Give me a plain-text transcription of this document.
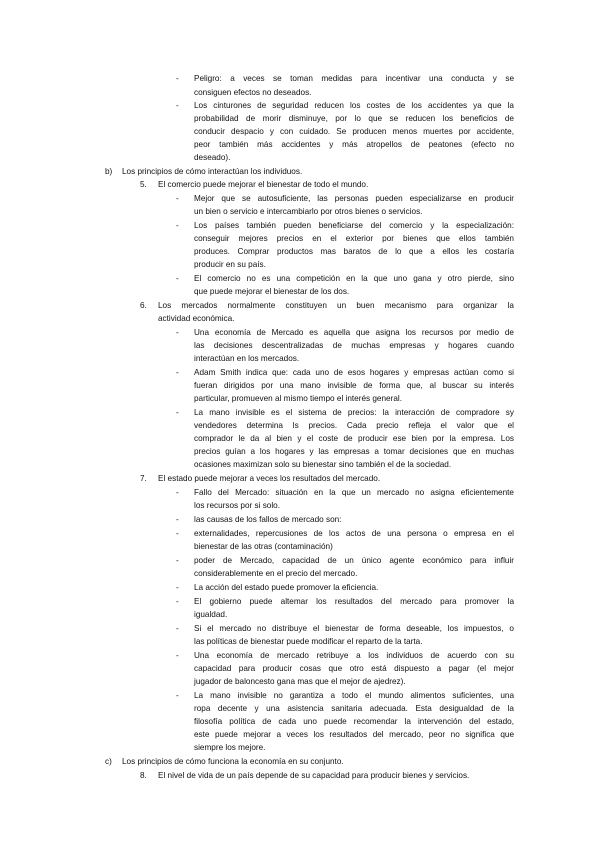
- Peligro: a veces se toman medidas para incentivar una conducta y se
consiguen efectos no deseados.
- Los cinturones de seguridad reducen los costes de los accidentes ya que la
probabilidad de morir disminuye, por lo que se reducen los beneficios de
conducir despacio y con cuidado. Se producen menos muertes por accidente,
peor también más accidentes y más atropellos de peatones (efecto no
deseado).
b) Los principios de cómo interactúan los individuos.
5. El comercio puede mejorar el bienestar de todo el mundo.
- Mejor que se autosuficiente, las personas pueden especializarse en producir
un bien o servicio e intercambiarlo por otros bienes o servicios.
- Los países también pueden beneficiarse del comercio y la especialización:
conseguir mejores precios en el exterior por bienes que ellos también
produces. Comprar productos mas baratos de lo que a ellos les costaría
producir en su país.
- El comercio no es una competición en la que uno gana y otro pierde, sino
que puede mejorar el bienestar de los dos.
6. Los mercados normalmente constituyen un buen mecanismo para organizar la
actividad económica.
- Una economía de Mercado es aquella que asigna los recursos por medio de
las decisiones descentralizadas de muchas empresas y hogares cuando
interactúan en los mercados.
- Adam Smith indica que: cada uno de esos hogares y empresas actúan como si
fueran dirigidos por una mano invisible de forma que, al buscar su interés
particular, promueven al mismo tiempo el interés general.
- La mano invisible es el sistema de precios: la interacción de compradore sy
vendedores determina ls precios. Cada precio refleja el valor que el
comprador le da al bien y el coste de producir ese bien por la empresa. Los
precios guían a los hogares y las empresas a tomar decisiones que en muchas
ocasiones maximizan solo su bienestar sino también el de la sociedad.
7. El estado puede mejorar a veces los resultados del mercado.
- Fallo del Mercado: situación en la que un mercado no asigna eficientemente
los recursos por si solo.
- las causas de los fallos de mercado son:
- externalidades, repercusiones de los actos de una persona o empresa en el
bienestar de las otras (contaminación)
- poder de Mercado, capacidad de un único agente económico para influir
considerablemente en el precio del mercado.
- La acción del estado puede promover la eficiencia.
- El gobierno puede altemar los resultados del mercado para promover la
igualdad.
- Si el mercado no distribuye el bienestar de forma deseable, los impuestos, o
las políticas de bienestar puede modificar el reparto de la tarta.
- Una economía de mercado retribuye a los individuos de acuerdo con su
capacidad para producir cosas que otro está dispuesto a pagar (el mejor
jugador de baloncesto gana mas que el mejor de ajedrez).
- La mano invisible no garantiza a todo el mundo alimentos suficientes, una
ropa decente y una asistencia sanitaria adecuada. Esta desigualdad de la
filosofía política de cada uno puede recomendar la intervención del estado,
este puede mejorar a veces los resultados del mercado, peor no significa que
siempre los mejore.
c) Los principios de cómo funciona la economía en su conjunto.
8. El nivel de vida de un país depende de su capacidad para producir bienes y servicios.
